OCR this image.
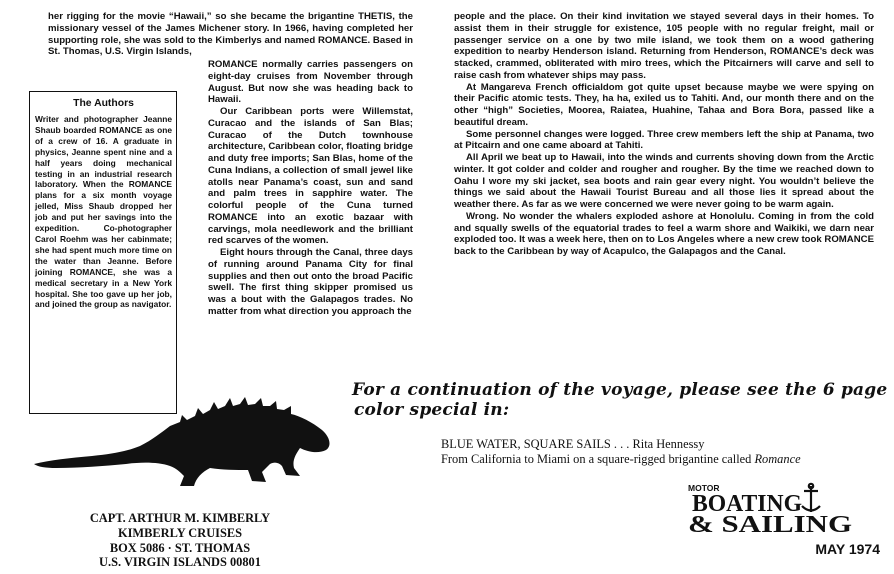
her rigging for the movie “Hawaii,” so she became the brigantine THETIS, the missionary vessel of the James Michener story. In 1966, having completed her supporting role, she was sold to the Kimberlys and named ROMANCE. Based in St. Thomas, U.S. Virgin Islands,

ROMANCE normally carries passengers on eight-day cruises from November through August. But now she was heading back to Hawaii.

Our Caribbean ports were Willemstat, Curacao and the islands of San Blas; Curacao of the Dutch townhouse architecture, Caribbean color, floating bridge and duty free imports; San Blas, home of the Cuna Indians, a collection of small jewel like atolls near Panama’s coast, sun and sand and palm trees in sapphire water. The colorful people of the Cuna turned ROMANCE into an exotic bazaar with carvings, mola needlework and the brilliant red scarves of the women.

Eight hours through the Canal, three days of running around Panama City for final supplies and then out onto the broad Pacific swell. The first thing skipper promised us was a bout with the Galapagos trades. No matter from what direction you approach the

people and the place. On their kind invitation we stayed several days in their homes. To assist them in their struggle for existence, 105 people with no regular freight, mail or passenger service on a one by two mile island, we took them on a wood gathering expedition to nearby Henderson island. Returning from Henderson, ROMANCE’s deck was stacked, crammed, obliterated with miro trees, which the Pitcairners will carve and sell to raise cash from whatever ships may pass.

At Mangareva French officialdom got quite upset because maybe we were spying on their Pacific atomic tests. They, ha ha, exiled us to Tahiti. And, our month there and on the other “high” Societies, Moorea, Raiatea, Huahine, Tahaa and Bora Bora, passed like a beautiful dream.

Some personnel changes were logged. Three crew members left the ship at Panama, two at Pitcairn and one came aboard at Tahiti.

All April we beat up to Hawaii, into the winds and currents shoving down from the Arctic winter. It got colder and colder and rougher and rougher. By the time we reached down to Oahu I wore my ski jacket, sea boots and rain gear every night. You wouldn’t believe the things we said about the Hawaii Tourist Bureau and all those lies it spread about the weather there. As far as we were concerned we were never going to be warm again.

Wrong. No wonder the whalers exploded ashore at Honolulu. Coming in from the cold and squally swells of the equatorial trades to feel a warm shore and Waikiki, we darn near exploded too. It was a week here, then on to Los Angeles where a new crew took ROMANCE back to the Caribbean by way of Acapulco, the Galapagos and the Canal.

The Authors

Writer and photographer Jeanne Shaub boarded ROMANCE as one of a crew of 16. A graduate in physics, Jeanne spent nine and a half years doing mechanical testing in an industrial research laboratory. When the ROMANCE plans for a six month voyage jelled, Miss Shaub dropped her job and put her savings into the expedition. Co-photographer Carol Roehm was her cabinmate; she had spent much more time on the water than Jeanne. Before joining ROMANCE, she was a medical secretary in a New York hospital. She too gave up her job, and joined the group as navigator.

For a continuation of the voyage, please see the 6 page
color special in:

BLUE WATER, SQUARE SAILS . . . Rita Hennessy

From California to Miami on a square-rigged brigantine called Romance

CAPT. ARTHUR M. KIMBERLY

KIMBERLY CRUISES

BOX 5086 · ST. THOMAS

U.S. VIRGIN ISLANDS 00801

MOTOR
BOATING
& SAILING
MAY 1974
